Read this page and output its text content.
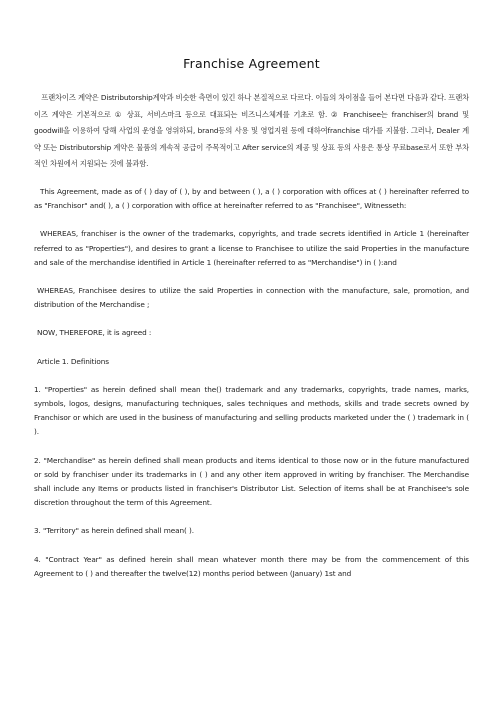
Franchise Agreement

　프랜차이즈 계약은 Distributorship계약과 비슷한 측면이 있긴 하나 본질적으로 다르다. 이들의 차이점을 들어 본다면 다음과 같다. 프랜차이즈 계약은 기본적으로 ① 상표, 서비스마크 등으로 대표되는 비즈니스체계를 기초로 함. ② Franchisee는 franchiser의 brand 및 goodwill을 이용하여 당해 사업의 운영을 영위하되, brand등의 사용 및 영업지원 등에 대하여franchise 대가를 지불함. 그러나, Dealer 계약 또는 Distributorship 계약은 물품의 계속적 공급이 주목적이고 After service의 제공 및 상표 등의 사용은 통상 무료base로서 또한 부차적인 차원에서 지원되는 것에 불과함.

This Agreement, made as of ( ) day of ( ), by and between ( ), a ( ) corporation with offices at ( ) hereinafter referred to as "Franchisor" and( ), a ( ) corporation with office at hereinafter referred to as "Franchisee", Witnesseth:

WHEREAS, franchiser is the owner of the trademarks, copyrights, and trade secrets identified in Article 1 (hereinafter referred to as "Properties"), and desires to grant a license to Franchisee to utilize the said Properties in the manufacture and sale of the merchandise identified in Article 1 (hereinafter referred to as "Merchandise") in ( ):and

WHEREAS, Franchisee desires to utilize the said Properties in connection with the manufacture, sale, promotion, and distribution of the Merchandise ;

NOW, THEREFORE, it is agreed :

Article 1. Definitions

1. "Properties" as herein defined shall mean the() trademark and any trademarks, copyrights, trade names, marks, symbols, logos, designs, manufacturing techniques, sales techniques and methods, skills and trade secrets owned by Franchisor or which are used in the business of manufacturing and selling products marketed under the ( ) trademark in ( ).

2. "Merchandise" as herein defined shall mean products and items identical to those now or in the future manufactured or sold by franchiser under its trademarks in ( ) and any other item approved in writing by franchiser. The Merchandise shall include any Items or products listed in franchiser's Distributor List. Selection of items shall be at Franchisee's sole discretion throughout the term of this Agreement.

3. "Territory" as herein defined shall mean( ).

4. "Contract Year" as defined herein shall mean whatever month there may be from the commencement of this Agreement to ( ) and thereafter the twelve(12) months period between (January) 1st and
